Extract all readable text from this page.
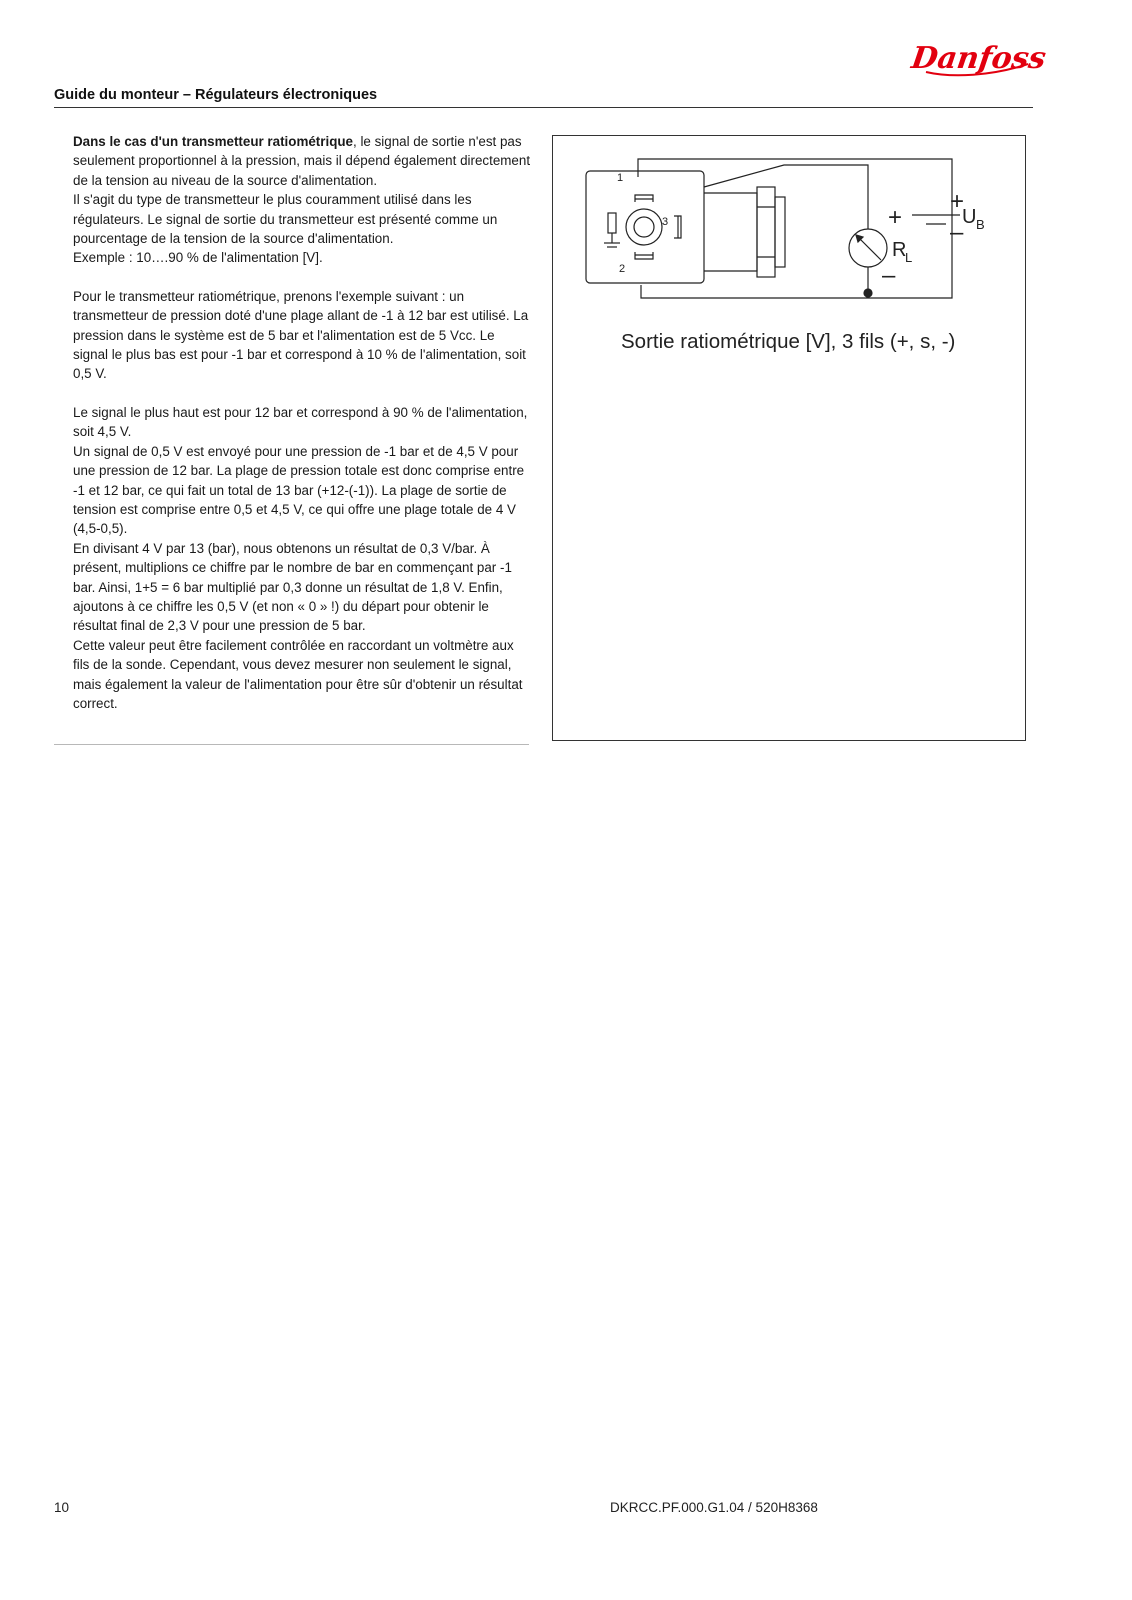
Danfoss
Guide du monteur – Régulateurs électroniques

Dans le cas d'un transmetteur ratiométrique, le signal de sortie n'est pas seulement proportionnel à la pression, mais il dépend également directement de la tension au niveau de la source d'alimentation.

Il s'agit du type de transmetteur le plus couramment utilisé dans les régulateurs. Le signal de sortie du transmetteur est présenté comme un pourcentage de la tension de la source d'alimentation.

Exemple : 10….90 % de l'alimentation [V].

Pour le transmetteur ratiométrique, prenons l'exemple suivant : un transmetteur de pression doté d'une plage allant de -1 à 12 bar est utilisé. La pression dans le système est de 5 bar et l'alimentation est de 5 Vcc. Le signal le plus bas est pour -1 bar et correspond à 10 % de l'alimentation, soit 0,5 V.

Le signal le plus haut est pour 12 bar et correspond à 90 % de l'alimentation, soit 4,5 V.

Un signal de 0,5 V est envoyé pour une pression de -1 bar et de 4,5 V pour une pression de 12 bar. La plage de pression totale est donc comprise entre -1 et 12 bar, ce qui fait un total de 13 bar (+12-(-1)). La plage de sortie de tension est comprise entre 0,5 et 4,5 V, ce qui offre une plage totale de 4 V (4,5-0,5).

En divisant 4 V par 13 (bar), nous obtenons un résultat de 0,3 V/bar. À présent, multiplions ce chiffre par le nombre de bar en commençant par -1 bar. Ainsi, 1+5 = 6 bar multiplié par 0,3 donne un résultat de 1,8 V. Enfin, ajoutons à ce chiffre les 0,5 V (et non « 0 » !) du départ pour obtenir le résultat final de 2,3 V pour une pression de 5 bar.

Cette valeur peut être facilement contrôlée en raccordant un voltmètre aux fils de la sonde. Cependant, vous devez mesurer non seulement le signal, mais également la valeur de l'alimentation pour être sûr d'obtenir un résultat correct.

1
2
3	+
–
+
–
R
L
U B
Sortie ratiométrique [V], 3 fils (+, s, -)
10	DKRCC.PF.000.G1.04 / 520H8368
